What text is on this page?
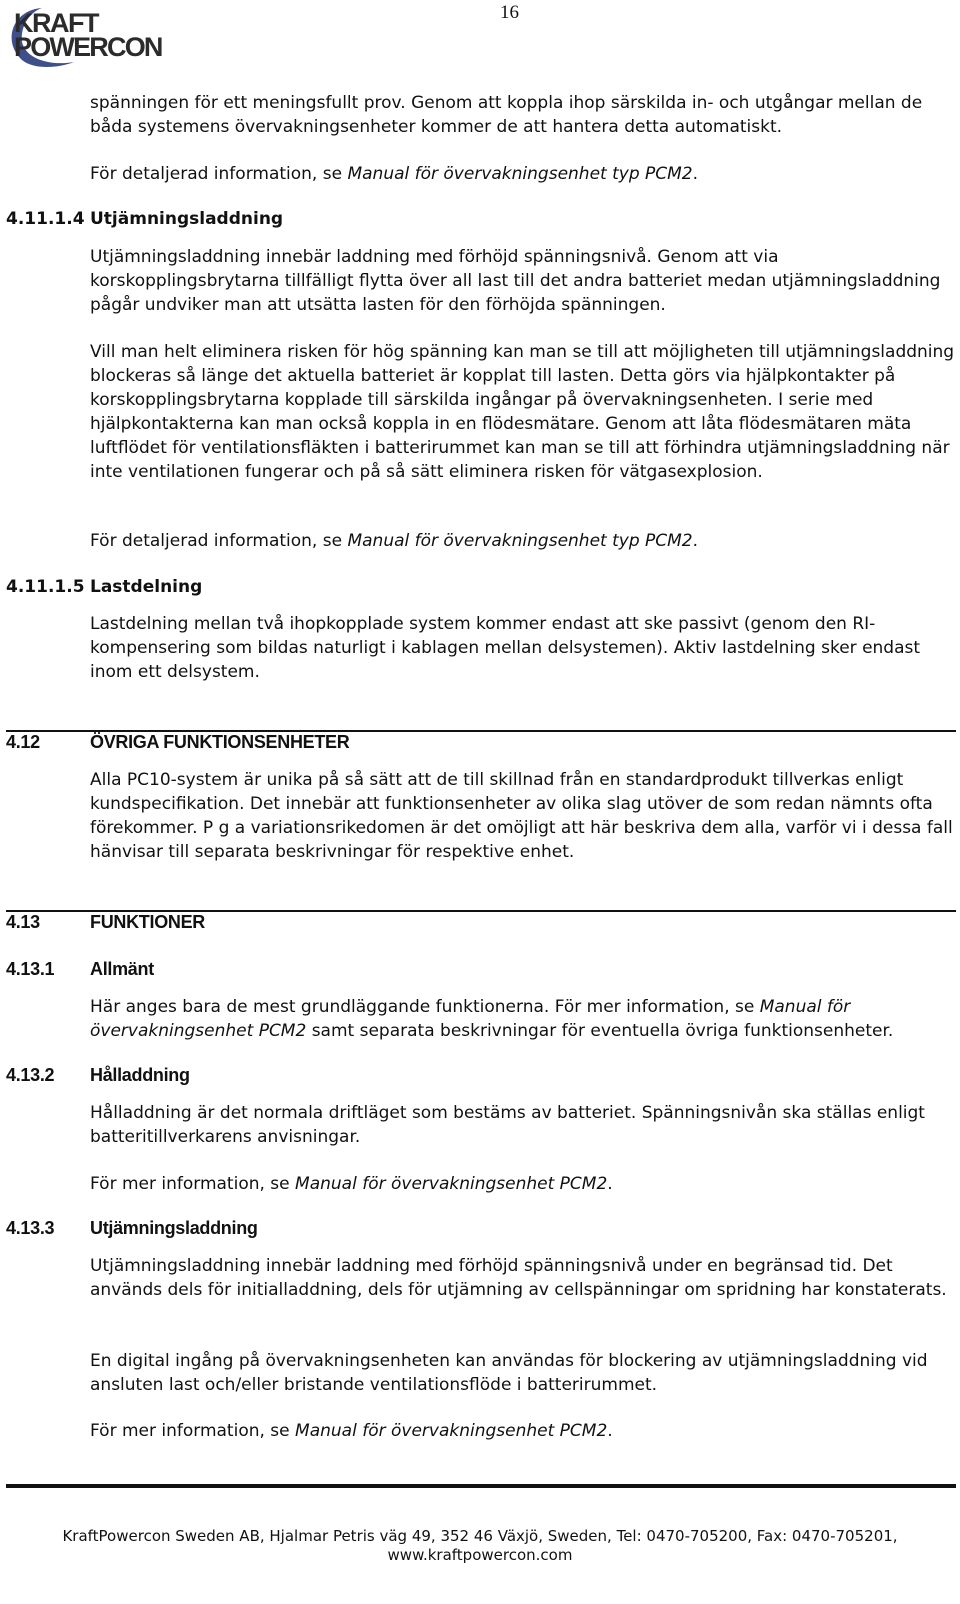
KRAFT
POWERCON
16

spänningen för ett meningsfullt prov. Genom att koppla ihop särskilda in- och utgångar mellan de båda systemens övervakningsenheter kommer de att hantera detta automatiskt.

För detaljerad information, se Manual för övervakningsenhet typ PCM2.

4.11.1.4 Utjämningsladdning

Utjämningsladdning innebär laddning med förhöjd spänningsnivå. Genom att via korskopplingsbrytarna tillfälligt flytta över all last till det andra batteriet medan utjämningsladdning pågår undviker man att utsätta lasten för den förhöjda spänningen.

Vill man helt eliminera risken för hög spänning kan man se till att möjligheten till utjämningsladdning blockeras så länge det aktuella batteriet är kopplat till lasten. Detta görs via hjälpkontakter på korskopplingsbrytarna kopplade till särskilda ingångar på övervakningsenheten. I serie med hjälpkontakterna kan man också koppla in en flödesmätare. Genom att låta flödesmätaren mäta luftflödet för ventilationsfläkten i batterirummet kan man se till att förhindra utjämningsladdning när inte ventilationen fungerar och på så sätt eliminera risken för vätgasexplosion.

För detaljerad information, se Manual för övervakningsenhet typ PCM2.

4.11.1.5 Lastdelning

Lastdelning mellan två ihopkopplade system kommer endast att ske passivt (genom den RI-kompensering som bildas naturligt i kablagen mellan delsystemen). Aktiv lastdelning sker endast inom ett delsystem.

4.12	ÖVRIGA FUNKTIONSENHETER

Alla PC10-system är unika på så sätt att de till skillnad från en standardprodukt tillverkas enligt kundspecifikation. Det innebär att funktionsenheter av olika slag utöver de som redan nämnts ofta förekommer. P g a variationsrikedomen är det omöjligt att här beskriva dem alla, varför vi i dessa fall hänvisar till separata beskrivningar för respektive enhet.

4.13	FUNKTIONER
4.13.1 Allmänt

Här anges bara de mest grundläggande funktionerna. För mer information, se Manual för övervakningsenhet PCM2 samt separata beskrivningar för eventuella övriga funktionsenheter.

4.13.2 Hålladdning

Hålladdning är det normala driftläget som bestäms av batteriet. Spänningsnivån ska ställas enligt batteritillverkarens anvisningar.

För mer information, se Manual för övervakningsenhet PCM2.

4.13.3 Utjämningsladdning

Utjämningsladdning innebär laddning med förhöjd spänningsnivå under en begränsad tid. Det används dels för initialladdning, dels för utjämning av cellspänningar om spridning har konstaterats.

En digital ingång på övervakningsenheten kan användas för blockering av utjämningsladdning vid ansluten last och/eller bristande ventilationsflöde i batterirummet.

För mer information, se Manual för övervakningsenhet PCM2.

KraftPowercon Sweden AB, Hjalmar Petris väg 49, 352 46 Växjö, Sweden, Tel: 0470-705200, Fax: 0470-705201,
www.kraftpowercon.com
